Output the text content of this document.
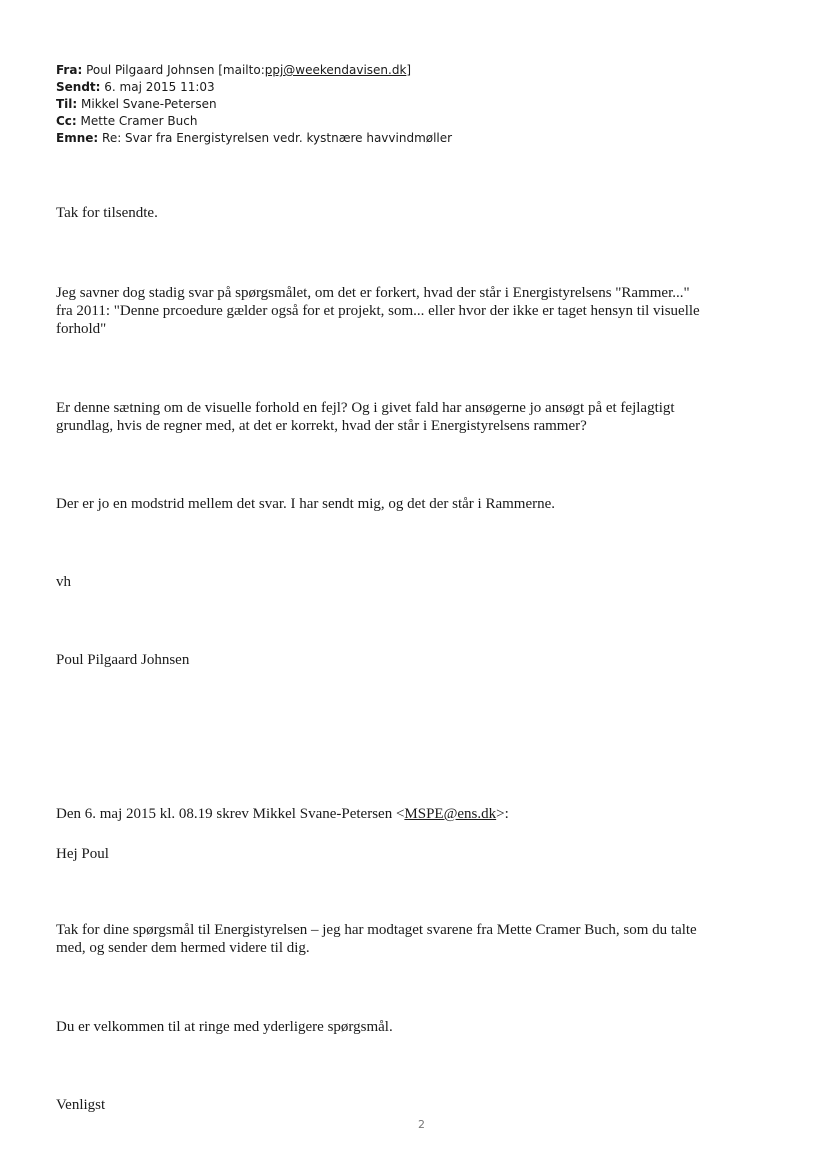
Fra: Poul Pilgaard Johnsen [mailto:ppj@weekendavisen.dk]
Sendt: 6. maj 2015 11:03
Til: Mikkel Svane-Petersen
Cc: Mette Cramer Buch
Emne: Re: Svar fra Energistyrelsen vedr. kystnære havvindmøller
Tak for tilsendte.
Jeg savner dog stadig svar på spørgsmålet, om det er forkert, hvad der står i Energistyrelsens "Rammer..."
fra 2011: "Denne prcoedure gælder også for et projekt, som... eller hvor der ikke er taget hensyn til visuelle
forhold"
Er denne sætning om de visuelle forhold en fejl? Og i givet fald har ansøgerne jo ansøgt på et fejlagtigt
grundlag, hvis de regner med, at det er korrekt, hvad der står i Energistyrelsens rammer?
Der er jo en modstrid mellem det svar. I har sendt mig, og det der står i Rammerne.
vh
Poul Pilgaard Johnsen
Den 6. maj 2015 kl. 08.19 skrev Mikkel Svane-Petersen <MSPE@ens.dk>:
Hej Poul
Tak for dine spørgsmål til Energistyrelsen – jeg har modtaget svarene fra Mette Cramer Buch, som du talte
med, og sender dem hermed videre til dig.
Du er velkommen til at ringe med yderligere spørgsmål.
Venligst
2
